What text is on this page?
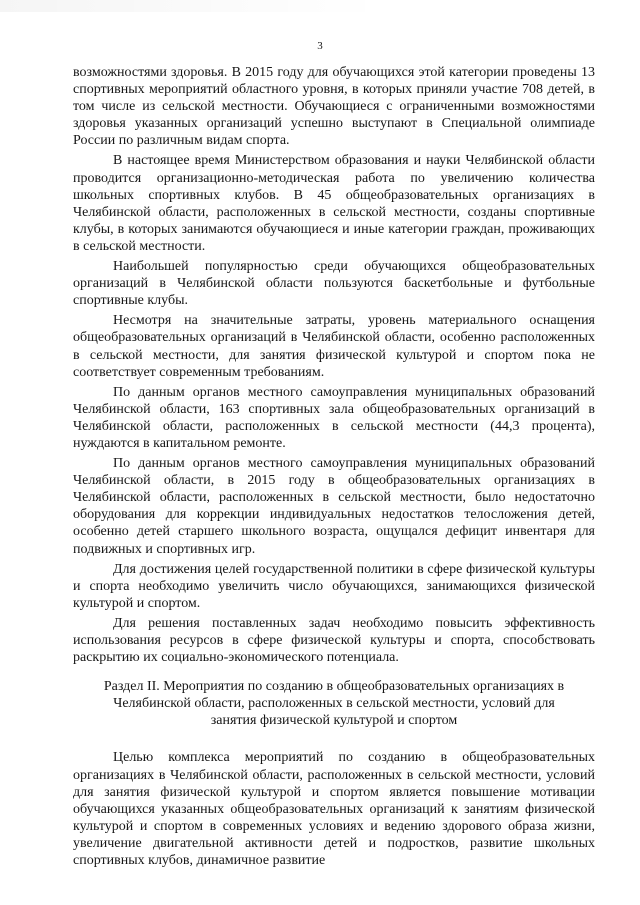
3

возможностями здоровья. В 2015 году для обучающихся этой категории проведены 13 спортивных мероприятий областного уровня, в которых приняли участие 708 детей, в том числе из сельской местности. Обучающиеся с ограниченными возможностями здоровья указанных организаций успешно выступают в Специальной олимпиаде России по различным видам спорта.

В настоящее время Министерством образования и науки Челябинской области проводится организационно-методическая работа по увеличению количества школьных спортивных клубов. В 45 общеобразовательных организациях в Челябинской области, расположенных в сельской местности, созданы спортивные клубы, в которых занимаются обучающиеся и иные категории граждан, проживающих в сельской местности.

Наибольшей популярностью среди обучающихся общеобразовательных организаций в Челябинской области пользуются баскетбольные и футбольные спортивные клубы.

Несмотря на значительные затраты, уровень материального оснащения общеобразовательных организаций в Челябинской области, особенно расположенных в сельской местности, для занятия физической культурой и спортом пока не соответствует современным требованиям.

По данным органов местного самоуправления муниципальных образований Челябинской области, 163 спортивных зала общеобразовательных организаций в Челябинской области, расположенных в сельской местности (44,3 процента), нуждаются в капитальном ремонте.

По данным органов местного самоуправления муниципальных образований Челябинской области, в 2015 году в общеобразовательных организациях в Челябинской области, расположенных в сельской местности, было недостаточно оборудования для коррекции индивидуальных недостатков телосложения детей, особенно детей старшего школьного возраста, ощущался дефицит инвентаря для подвижных и спортивных игр.

Для достижения целей государственной политики в сфере физической культуры и спорта необходимо увеличить число обучающихся, занимающихся физической культурой и спортом.

Для решения поставленных задач необходимо повысить эффективность использования ресурсов в сфере физической культуры и спорта, способствовать раскрытию их социально-экономического потенциала.

Раздел II. Мероприятия по созданию в общеобразовательных организациях в
Челябинской области, расположенных в сельской местности, условий для
занятия физической культурой и спортом

Целью комплекса мероприятий по созданию в общеобразовательных организациях в Челябинской области, расположенных в сельской местности, условий для занятия физической культурой и спортом является повышение мотивации обучающихся указанных общеобразовательных организаций к занятиям физической культурой и спортом в современных условиях и ведению здорового образа жизни, увеличение двигательной активности детей и подростков, развитие школьных спортивных клубов, динамичное развитие
